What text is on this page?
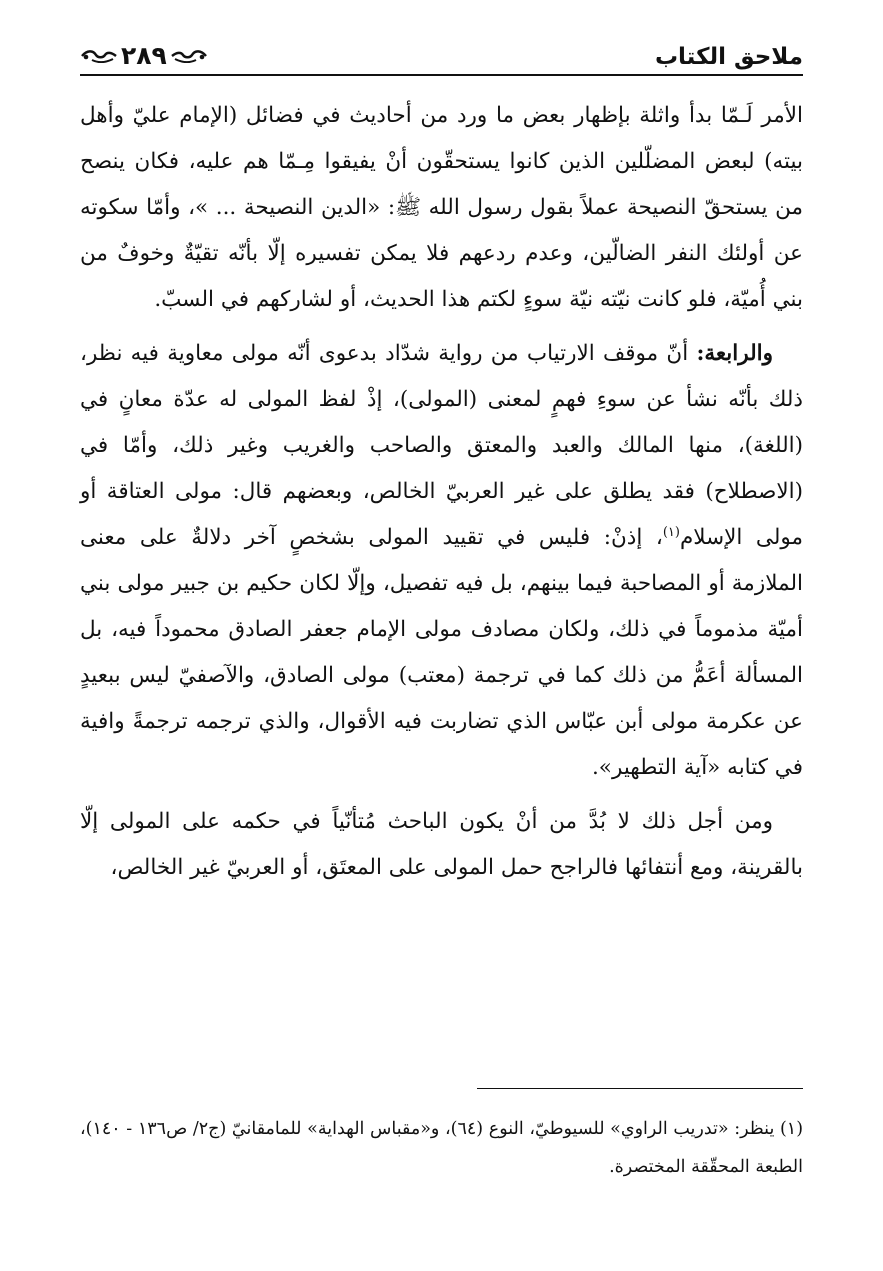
ملاحق الكتاب
٢٨٩

الأمر لَـمّا بدأ واثلة بإظهار بعض ما ورد من أحاديث في فضائل (الإمام عليّ وأهل بيته) لبعض المضلّلين الذين كانوا يستحقّون أنْ يفيقوا مِـمّا هم عليه، فكان ينصح من يستحقّ النصيحة عملاً بقول رسول الله ﷺ: «الدين النصيحة ... »، وأمّا سكوته عن أولئك النفر الضالّين، وعدم ردعهم فلا يمكن تفسيره إلّا بأنّه تقيّةٌ وخوفٌ من بني أُميّة، فلو كانت نيّته نيّة سوءٍ لكتم هذا الحديث، أو لشاركهم في السبّ.

والرابعة: أنّ موقف الارتياب من رواية شدّاد بدعوى أنّه مولى معاوية فيه نظر، ذلك بأنّه نشأ عن سوءِ فهمٍ لمعنى (المولى)، إذْ لفظ المولى له عدّة معانٍ في (اللغة)، منها المالك والعبد والمعتق والصاحب والغريب وغير ذلك، وأمّا في (الاصطلاح) فقد يطلق على غير العربيّ الخالص، وبعضهم قال: مولى العتاقة أو مولى الإسلام$^{(١)}$، إذنْ: فليس في تقييد المولى بشخصٍ آخر دلالةٌ على معنى الملازمة أو المصاحبة فيما بينهم، بل فيه تفصيل، وإلّا لكان حكيم بن جبير مولى بني أميّة مذموماً في ذلك، ولكان مصادف مولى الإمام جعفر الصادق محموداً فيه، بل المسألة أعَمُّ من ذلك كما في ترجمة (معتب) مولى الصادق، والآصفيّ ليس ببعيدٍ عن عكرمة مولى أبن عبّاس الذي تضاربت فيه الأقوال، والذي ترجمه ترجمةً وافية في كتابه «آية التطهير».

ومن أجل ذلك لا بُدَّ من أنْ يكون الباحث مُتأنّياً في حكمه على المولى إلّا بالقرينة، ومع أنتفائها فالراجح حمل المولى على المعتَق، أو العربيّ غير الخالص،

(١) ينظر: «تدريب الراوي» للسيوطيّ، النوع (٦٤)، و«مقباس الهداية» للمامقانيّ (ج٢/ ص١٣٦ - ١٤٠)، الطبعة المحقّقة المختصرة.
